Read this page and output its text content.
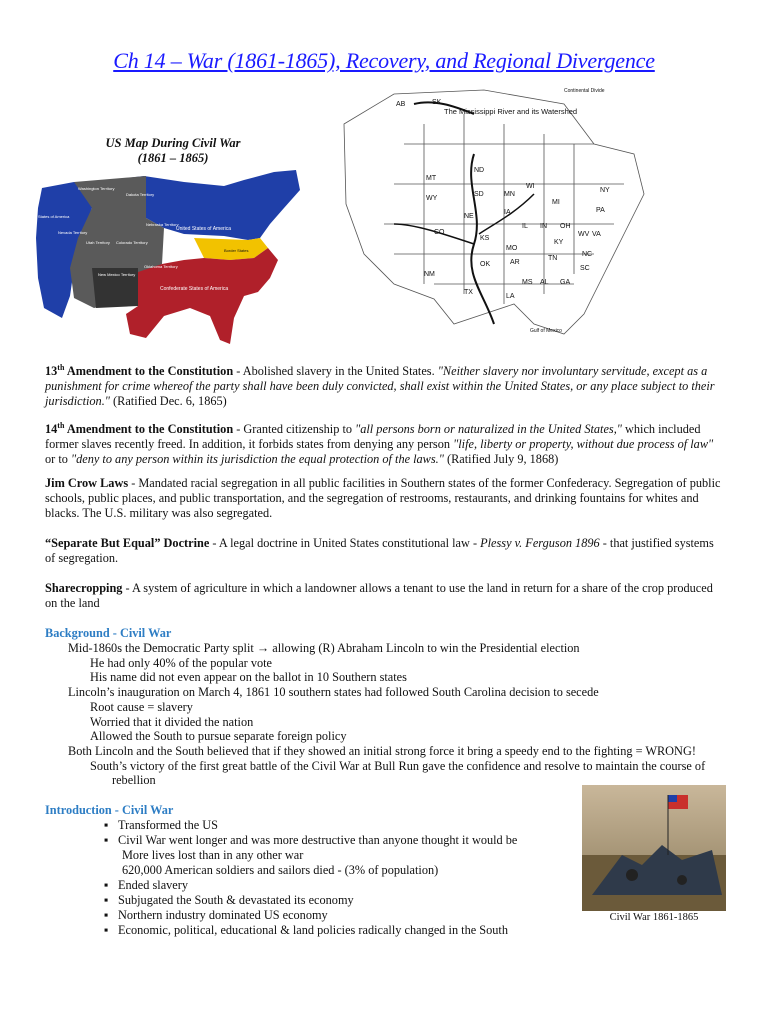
Ch 14 – War (1861-1865), Recovery, and Regional Divergence
US Map During Civil War
(1861 – 1865)
Washington Territory
Dakota Territory
States of America
Nebraska Territory
Nevada Territory
Utah Territory Colorado Territory
United States of America
Border States
New Mexico Territory
Oklahoma Territory
Confederate States of America
The Mississippi River and its Watershed
Continental Divide
Gulf of Mexico
AB	SK
ND
MT
WY
SD	MN
WI
MI
NY
PA
NE
IA
IL IN OH
WV VA
CO
KS
MO
KY
TN
NC
NM
OK	AR
SC
TX
MS AL GA
LA
13th Amendment to the Constitution - Abolished slavery in the United States. "Neither slavery nor involuntary servitude, except as a punishment for crime whereof the party shall have been duly convicted, shall exist within the United States, or any place subject to their jurisdiction." (Ratified Dec. 6, 1865)
14th Amendment to the Constitution - Granted citizenship to "all persons born or naturalized in the United States," which included former slaves recently freed. In addition, it forbids states from denying any person "life, liberty or property, without due process of law" or to "deny to any person within its jurisdiction the equal protection of the laws." (Ratified July 9, 1868)
Jim Crow Laws - Mandated racial segregation in all public facilities in Southern states of the former Confederacy. Segregation of public schools, public places, and public transportation, and the segregation of restrooms, restaurants, and drinking fountains for whites and blacks. The U.S. military was also segregated.
“Separate But Equal” Doctrine - A legal doctrine in United States constitutional law - Plessy v. Ferguson 1896 - that justified systems of segregation.
Sharecropping - A system of agriculture in which a landowner allows a tenant to use the land in return for a share of the crop produced on the land
Background - Civil War
Mid-1860s the Democratic Party split → allowing (R) Abraham Lincoln to win the Presidential election
He had only 40% of the popular vote
His name did not even appear on the ballot in 10 Southern states
Lincoln’s inauguration on March 4, 1861 10 southern states had followed South Carolina decision to secede
Root cause = slavery
Worried that it divided the nation
Allowed the South to pursue separate foreign policy
Both Lincoln and the South believed that if they showed an initial strong force it bring a speedy end to the fighting = WRONG!
South’s victory of the first great battle of the Civil War at Bull Run gave the confidence and resolve to maintain the course of
rebellion
Introduction - Civil War
▪ Transformed the US
▪ Civil War went longer and was more destructive than anyone thought it would be
More lives lost than in any other war
620,000 American soldiers and sailors died - (3% of population)
▪ Ended slavery
▪ Subjugated the South & devastated its economy
▪ Northern industry dominated US economy
▪ Economic, political, educational & land policies radically changed in the South
Civil War 1861-1865
